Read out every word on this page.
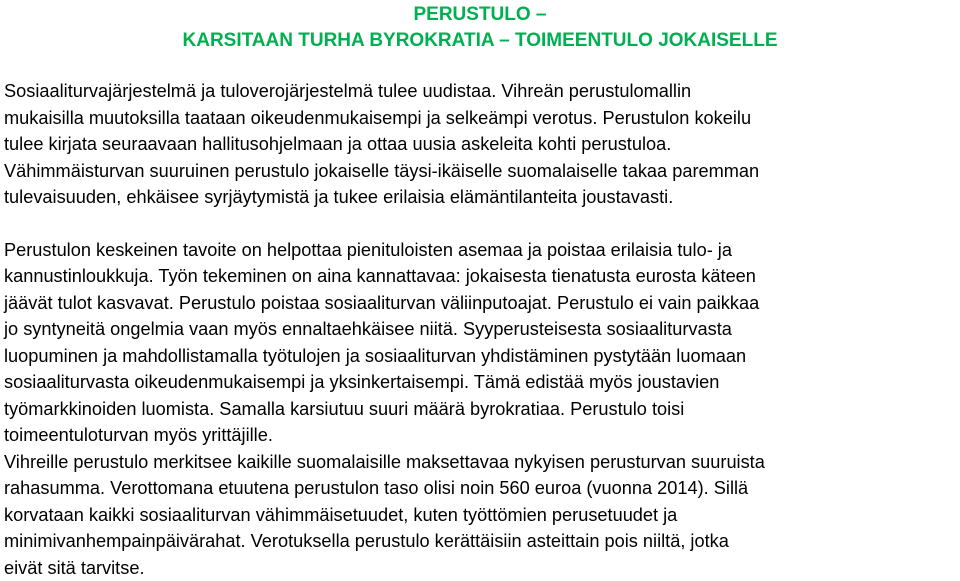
PERUSTULO –
KARSITAAN TURHA BYROKRATIA – TOIMEENTULO JOKAISELLE
Sosiaaliturvajärjestelmä ja tuloverojärjestelmä tulee uudistaa. Vihreän perustulomallin
mukaisilla muutoksilla taataan oikeudenmukaisempi ja selkeämpi verotus. Perustulon kokeilu
tulee kirjata seuraavaan hallitusohjelmaan ja ottaa uusia askeleita kohti perustuloa.
Vähimmäisturvan suuruinen perustulo jokaiselle täysi-ikäiselle suomalaiselle takaa paremman
tulevaisuuden, ehkäisee syrjäytymistä ja tukee erilaisia elämäntilanteita joustavasti.
Perustulon keskeinen tavoite on helpottaa pienituloisten asemaa ja poistaa erilaisia tulo- ja
kannustinloukkuja. Työn tekeminen on aina kannattavaa: jokaisesta tienatusta eurosta käteen
jäävät tulot kasvavat. Perustulo poistaa sosiaaliturvan väliinputoajat. Perustulo ei vain paikkaa
jo syntyneitä ongelmia vaan myös ennaltaehkäisee niitä. Syyperusteisesta sosiaaliturvasta
luopuminen ja mahdollistamalla työtulojen ja sosiaaliturvan yhdistäminen pystytään luomaan
sosiaaliturvasta oikeudenmukaisempi ja yksinkertaisempi. Tämä edistää myös joustavien
työmarkkinoiden luomista. Samalla karsiutuu suuri määrä byrokratiaa. Perustulo toisi
toimeentuloturvan myös yrittäjille.
Vihreille perustulo merkitsee kaikille suomalaisille maksettavaa nykyisen perusturvan suuruista
rahasumma. Verottomana etuutena perustulon taso olisi noin 560 euroa (vuonna 2014). Sillä
korvataan kaikki sosiaaliturvan vähimmäisetuudet, kuten työttömien perusetuudet ja
minimivanhempainpäivärahat. Verotuksella perustulo kerättäisiin asteittain pois niiltä, jotka
eivät sitä tarvitse.
